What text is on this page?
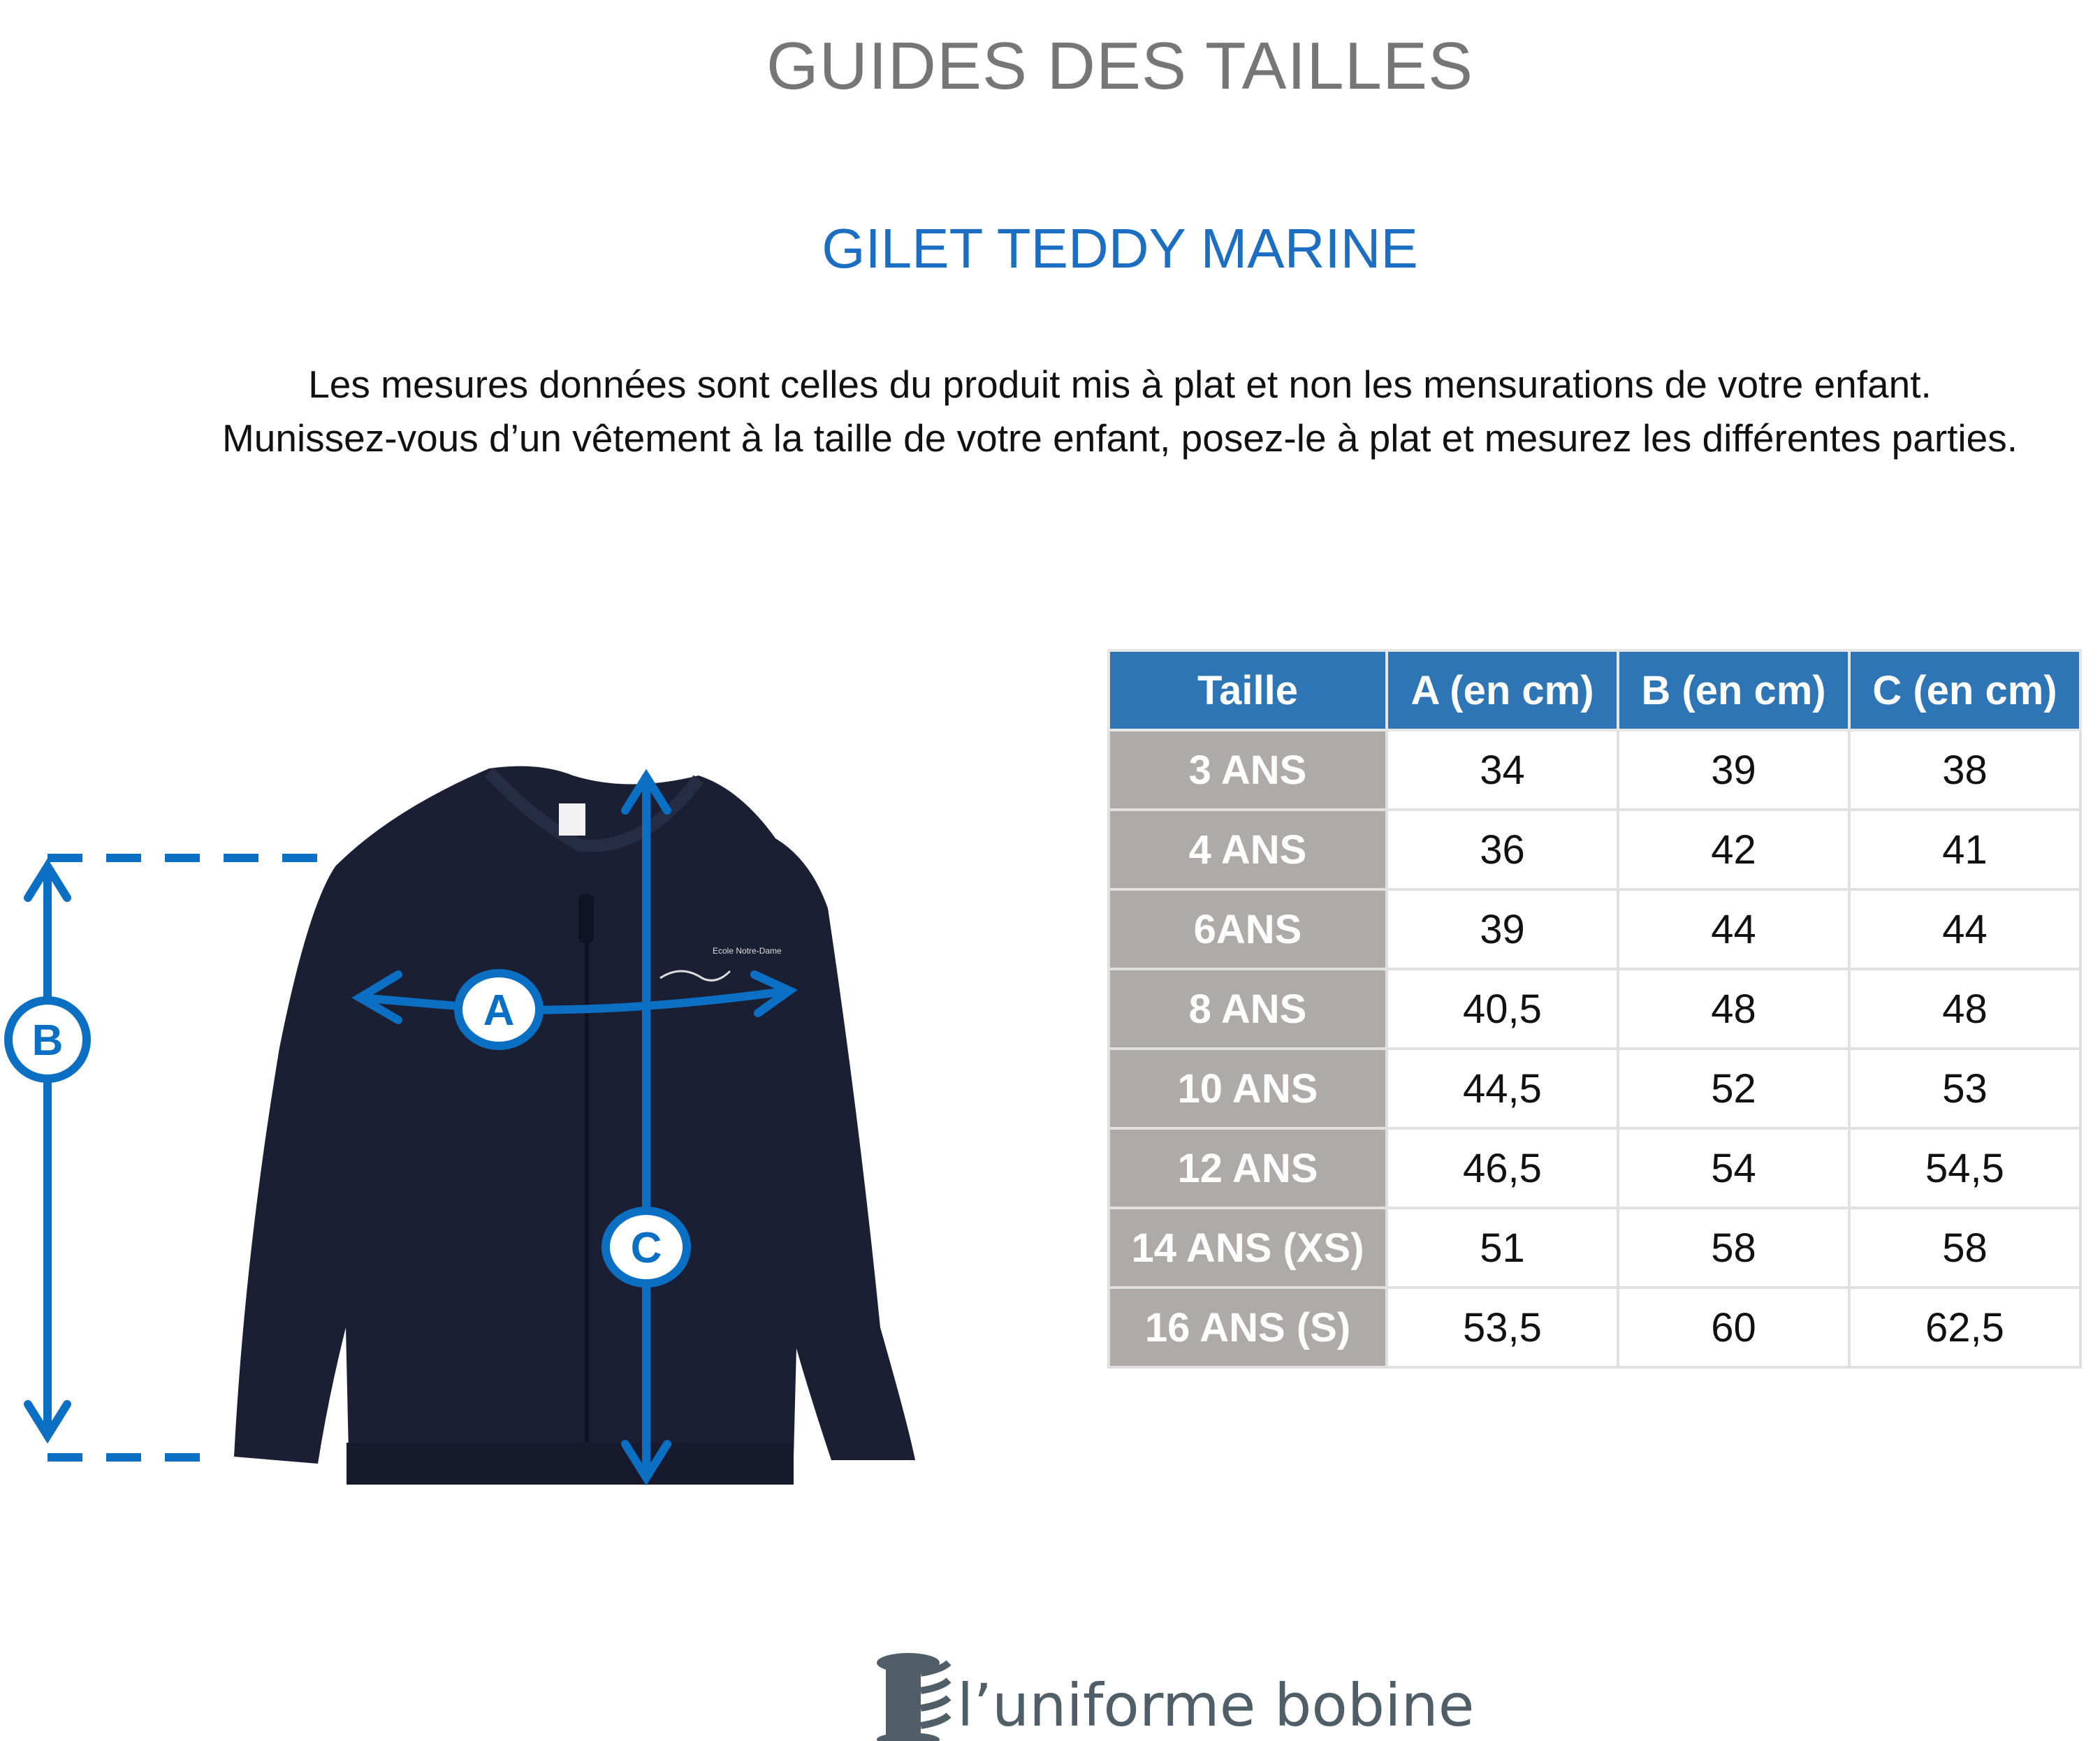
GUIDES DES TAILLES
GILET TEDDY MARINE
Les mesures données sont celles du produit mis à plat et non les mensurations de votre enfant.
Munissez-vous d’un vêtement à la taille de votre enfant, posez-le à plat et mesurez les différentes parties.
Ecole Notre-Dame
B
A
C
l’uniforme bobine
Taille	A (en cm)	B (en cm)	C (en cm)
3 ANS	34	39	38
4 ANS	36	42	41
6ANS	39	44	44
8 ANS	40,5	48	48
10 ANS	44,5	52	53
12 ANS	46,5	54	54,5
14 ANS (XS)	51	58	58
16 ANS (S)	53,5	60	62,5
